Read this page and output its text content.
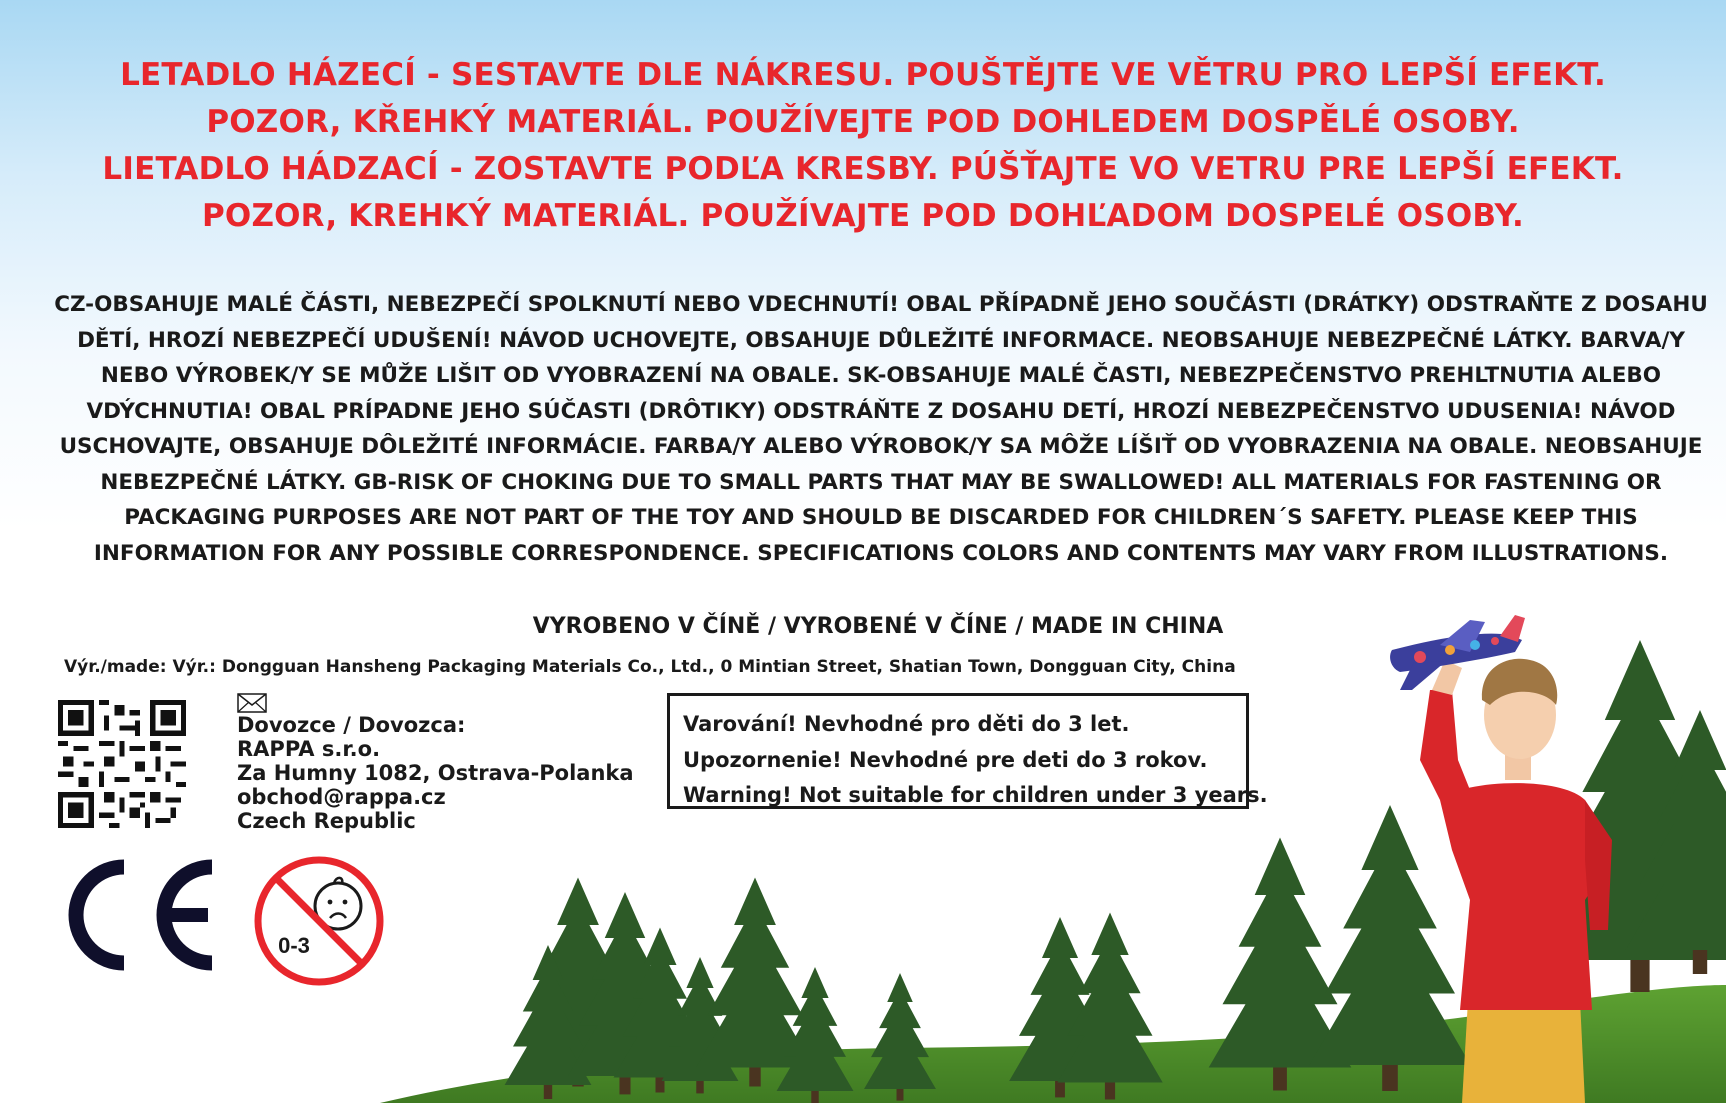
LETADLO HÁZECÍ - SESTAVTE DLE NÁKRESU. POUŠTĚJTE VE VĚTRU PRO LEPŠÍ EFEKT.
POZOR, KŘEHKÝ MATERIÁL. POUŽÍVEJTE POD DOHLEDEM DOSPĚLÉ OSOBY.
LIETADLO HÁDZACÍ - ZOSTAVTE PODĽA KRESBY. PÚŠŤAJTE VO VETRU PRE LEPŠÍ EFEKT.
POZOR, KREHKÝ MATERIÁL. POUŽÍVAJTE POD DOHĽADOM DOSPELÉ OSOBY.
CZ-OBSAHUJE MALÉ ČÁSTI, NEBEZPEČÍ SPOLKNUTÍ NEBO VDECHNUTÍ! OBAL PŘÍPADNĚ JEHO SOUČÁSTI (DRÁTKY) ODSTRAŇTE Z DOSAHU DĚTÍ, HROZÍ NEBEZPEČÍ UDUŠENÍ! NÁVOD UCHOVEJTE, OBSAHUJE DŮLEŽITÉ INFORMACE. NEOBSAHUJE NEBEZPEČNÉ LÁTKY. BARVA/Y NEBO VÝROBEK/Y SE MŮŽE LIŠIT OD VYOBRAZENÍ NA OBALE. SK-OBSAHUJE MALÉ ČASTI, NEBEZPEČENSTVO PREHLTNUTIA ALEBO VDÝCHNUTIA! OBAL PRÍPADNE JEHO SÚČASTI (DRÔTIKY) ODSTRÁŇTE Z DOSAHU DETÍ, HROZÍ NEBEZPEČENSTVO UDUSENIA! NÁVOD USCHOVAJTE, OBSAHUJE DÔLEŽITÉ INFORMÁCIE. FARBA/Y ALEBO VÝROBOK/Y SA MÔŽE LÍŠIŤ OD VYOBRAZENIA NA OBALE. NEOBSAHUJE NEBEZPEČNÉ LÁTKY. GB-RISK OF CHOKING DUE TO SMALL PARTS THAT MAY BE SWALLOWED! ALL MATERIALS FOR FASTENING OR PACKAGING PURPOSES ARE NOT PART OF THE TOY AND SHOULD BE DISCARDED FOR CHILDREN´S SAFETY. PLEASE KEEP THIS INFORMATION FOR ANY POSSIBLE CORRESPONDENCE. SPECIFICATIONS COLORS AND CONTENTS MAY VARY FROM ILLUSTRATIONS.
VYROBENO V ČÍNĚ / VYROBENÉ V ČÍNE / MADE IN CHINA
Výr./made: Výr.: Dongguan Hansheng Packaging Materials Co., Ltd., 0 Mintian Street, Shatian Town, Dongguan City, China
Dovozce / Dovozca:
RAPPA s.r.o.
Za Humny 1082, Ostrava-Polanka
obchod@rappa.cz
Czech Republic
Varování! Nevhodné pro děti do 3 let.
Upozornenie! Nevhodné pre deti do 3 rokov.
Warning! Not suitable for children under 3 years.
0-3
